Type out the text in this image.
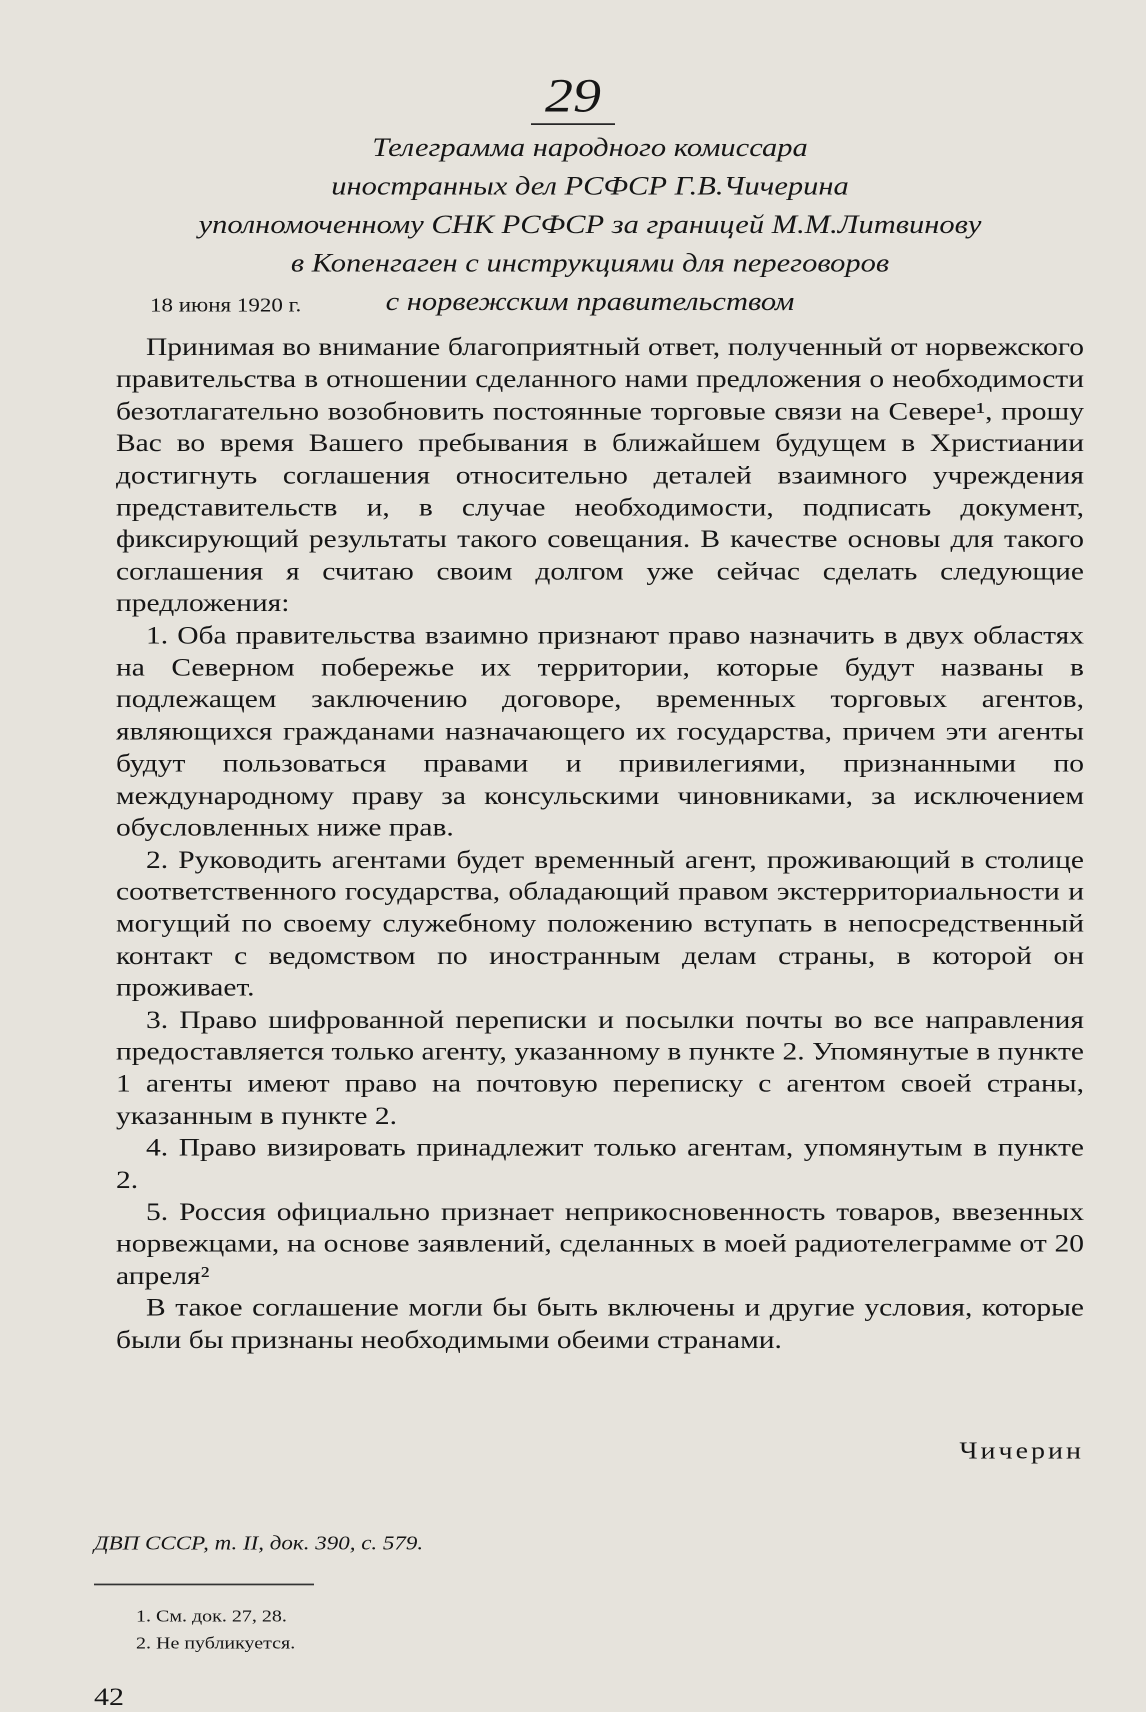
29
Телеграмма народного комиссара
иностранных дел РСФСР Г.В.Чичерина
уполномоченному СНК РСФСР за границей М.М.Литвинову
в Копенгаген с инструкциями для переговоров
с норвежским правительством
18 июня 1920 г.

Принимая во внимание благоприятный ответ, полученный от норвежского правительства в отношении сделанного нами предложения о необходимости безотлагательно возобновить постоянные торговые связи на Севере¹, прошу Вас во время Вашего пребывания в ближайшем будущем в Христиании достигнуть соглашения относительно деталей взаимного учреждения представительств и, в случае необходимости, подписать документ, фиксирующий результаты такого совещания. В качестве основы для такого соглашения я считаю своим долгом уже сейчас сделать следующие предложения:

1. Оба правительства взаимно признают право назначить в двух областях на Северном побережье их территории, которые будут названы в подлежащем заключению договоре, временных торговых агентов, являющихся гражданами назначающего их государства, причем эти агенты будут пользоваться правами и привилегиями, признанными по международному праву за консульскими чиновниками, за исключением обусловленных ниже прав.

2. Руководить агентами будет временный агент, проживающий в столице соответственного государства, обладающий правом экстерриториальности и могущий по своему служебному положению вступать в непосредственный контакт с ведомством по иностранным делам страны, в которой он проживает.

3. Право шифрованной переписки и посылки почты во все направления предоставляется только агенту, указанному в пункте 2. Упомянутые в пункте 1 агенты имеют право на почтовую переписку с агентом своей страны, указанным в пункте 2.

4. Право визировать принадлежит только агентам, упомянутым в пункте 2.

5. Россия официально признает неприкосновенность товаров, ввезенных норвежцами, на основе заявлений, сделанных в моей радиотелеграмме от 20 апреля²

В такое соглашение могли бы быть включены и другие условия, которые были бы признаны необходимыми обеими странами.

Чичерин
ДВП СССР, т. II, док. 390, с. 579.
1. См. док. 27, 28.
2. Не публикуется.
42
